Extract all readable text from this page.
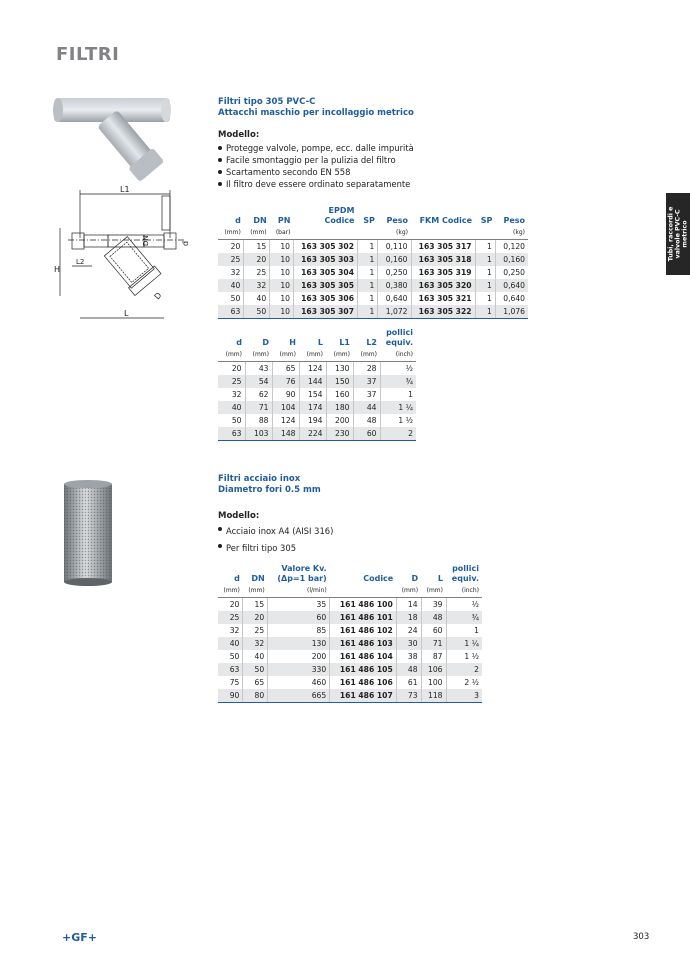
FILTRI
Tubi, raccordi e valvole PVC-C metrico
L1
H
L2
L
DN	d
D
Filtri tipo 305 PVC-C
Attacchi maschio per incollaggio metrico
Modello:
Protegge valvole, pompe, ecc. dalle impurità
Facile smontaggio per la pulizia del filtro
Scartamento secondo EN 558
Il filtro deve essere ordinato separatamente
d	DN	PN	EPDM Codice	SP	Peso	FKM Codice	SP	Peso
(mm)	(mm)	(bar)			(kg)			(kg)
20	15	10	163 305 302	1	0,110	163 305 317	1	0,120
25	20	10	163 305 303	1	0,160	163 305 318	1	0,160
32	25	10	163 305 304	1	0,250	163 305 319	1	0,250
40	32	10	163 305 305	1	0,380	163 305 320	1	0,640
50	40	10	163 305 306	1	0,640	163 305 321	1	0,640
63	50	10	163 305 307	1	1,072	163 305 322	1	1,076
d	D	H	L	L1	L2	pollici equiv.
(mm)	(mm)	(mm)	(mm)	(mm)	(mm)	(inch)
20	43	65	124	130	28	½
25	54	76	144	150	37	¾
32	62	90	154	160	37	1
40	71	104	174	180	44	1 ¼
50	88	124	194	200	48	1 ½
63	103	148	224	230	60	2
Filtri acciaio inox
Diametro fori 0.5 mm
Modello:
Acciaio inox A4 (AISI 316)
Per filtri tipo 305
d	DN	Valore Kv. (Δp=1 bar)	Codice	D	L	pollici equiv.
(mm)	(mm)	(l/min)		(mm)	(mm)	(inch)
20	15	35	161 486 100	14	39	½
25	20	60	161 486 101	18	48	¾
32	25	85	161 486 102	24	60	1
40	32	130	161 486 103	30	71	1 ¼
50	40	200	161 486 104	38	87	1 ½
63	50	330	161 486 105	48	106	2
75	65	460	161 486 106	61	100	2 ½
90	80	665	161 486 107	73	118	3
+GF+	303
